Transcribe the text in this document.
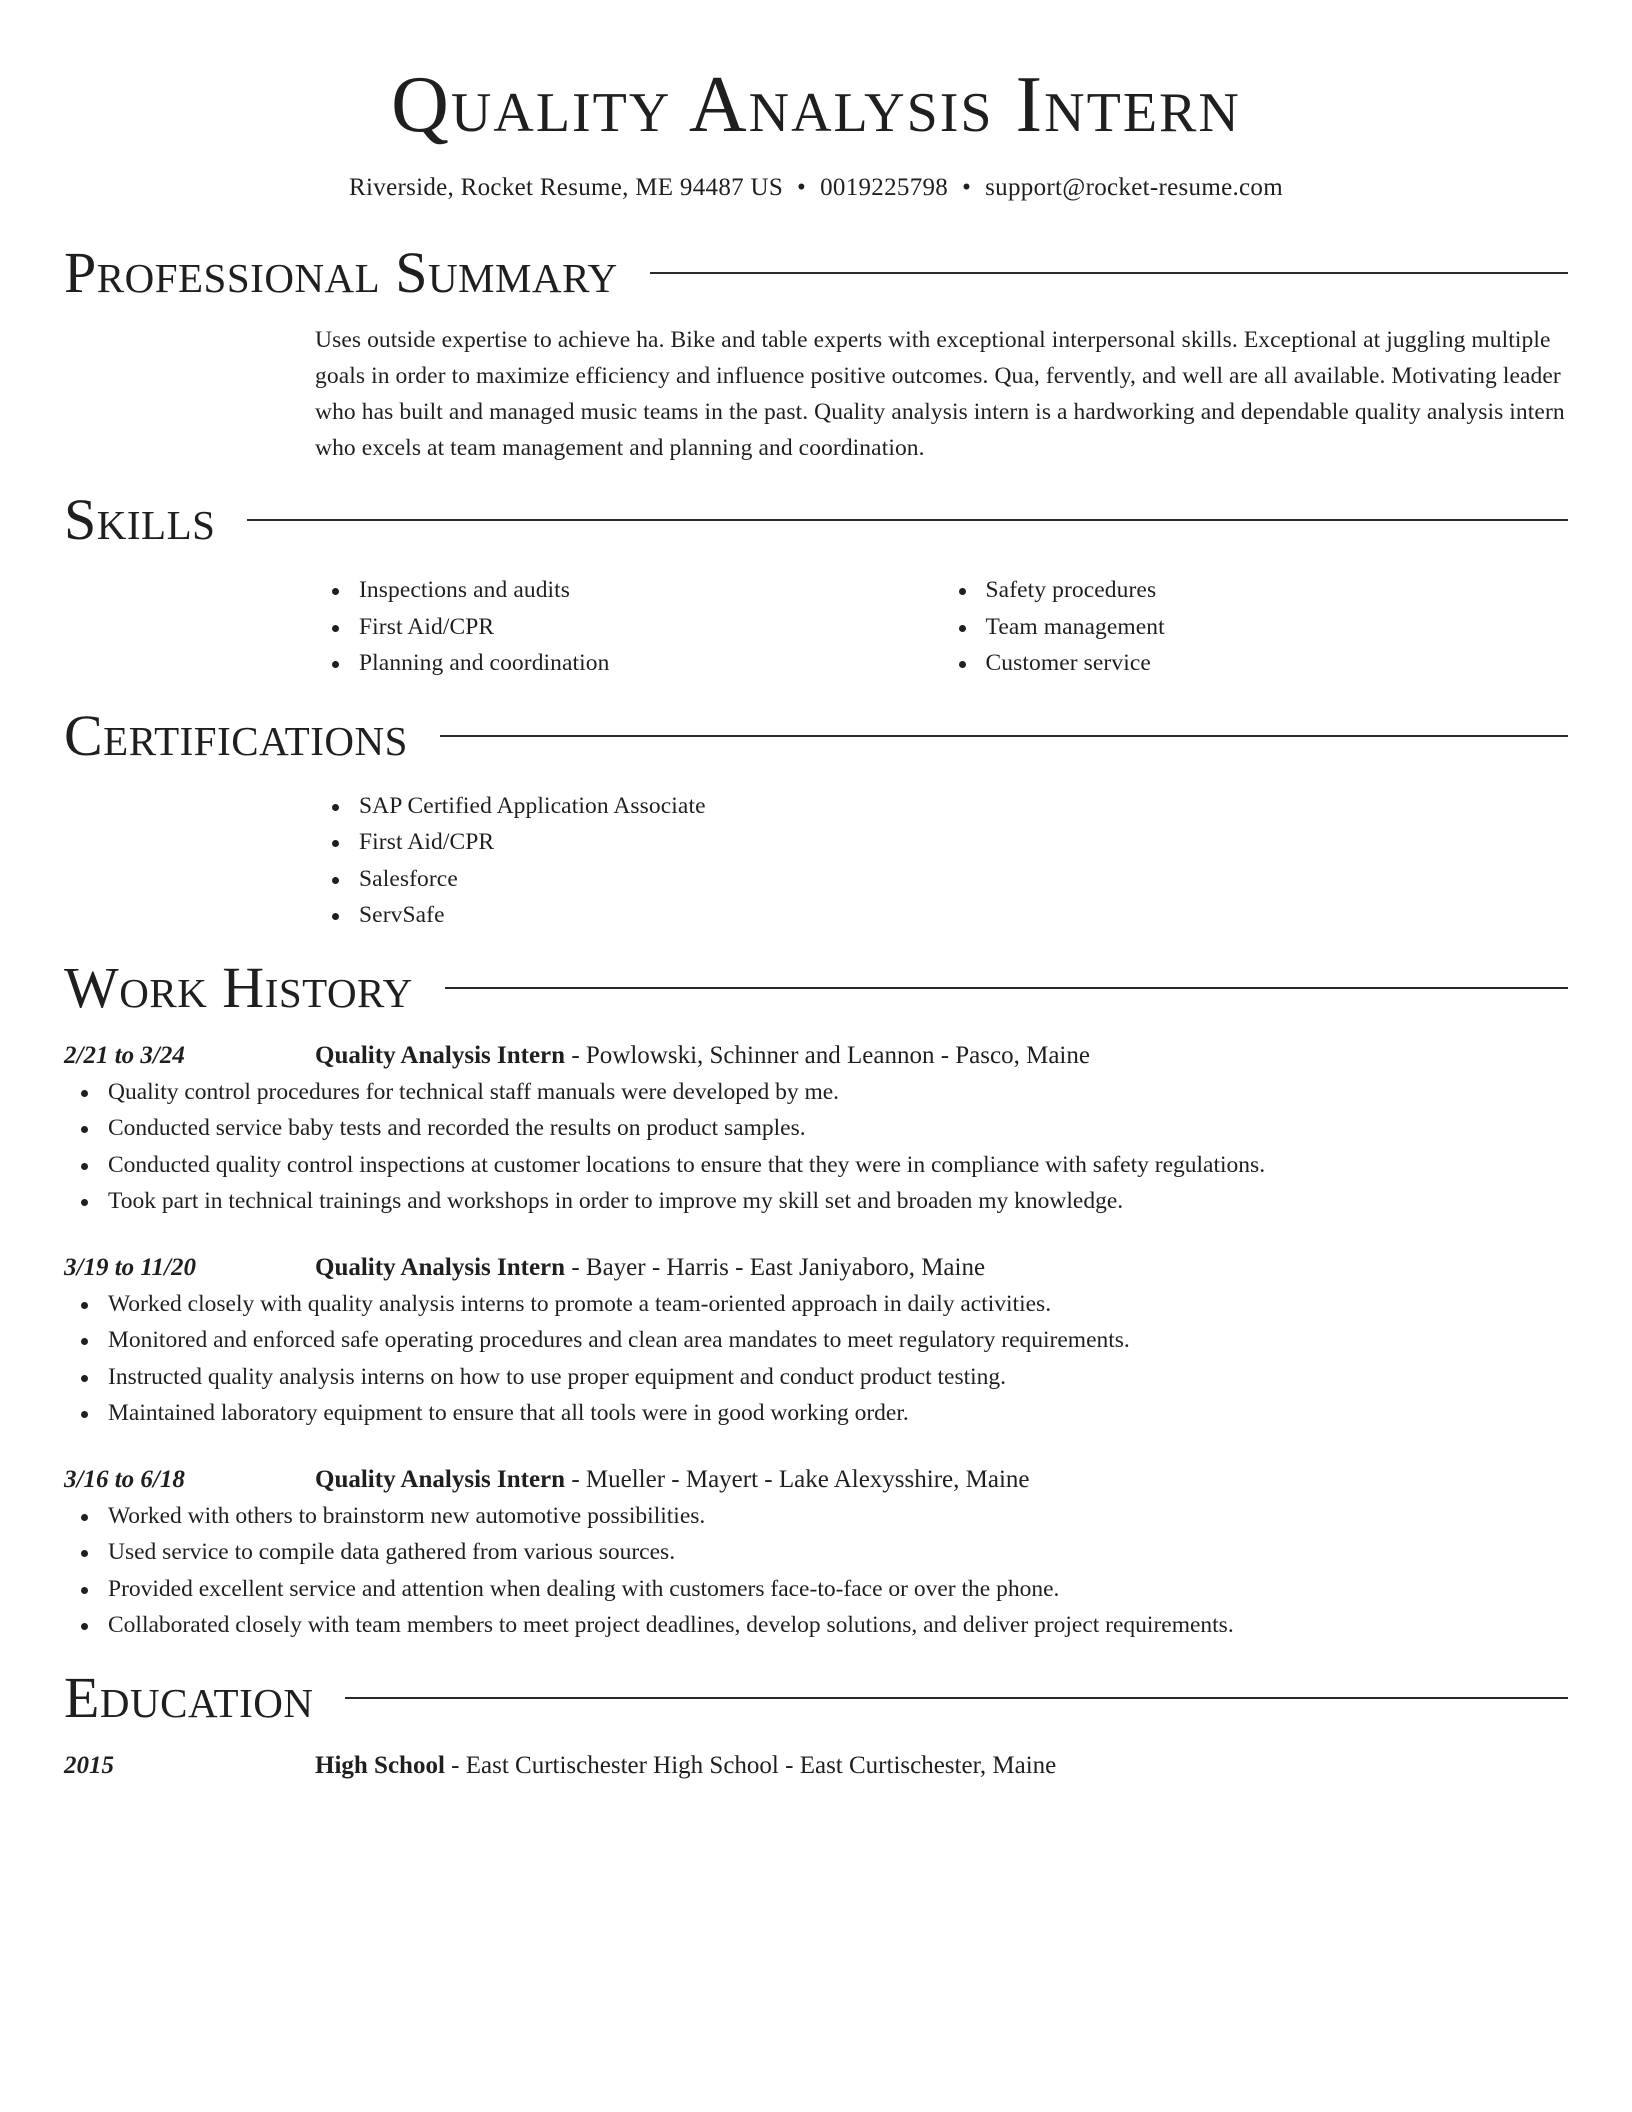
Quality Analysis Intern
Riverside, Rocket Resume, ME 94487 US • 0019225798 • support@rocket-resume.com
Professional Summary

Uses outside expertise to achieve ha. Bike and table experts with exceptional interpersonal skills. Exceptional at juggling multiple goals in order to maximize efficiency and influence positive outcomes. Qua, fervently, and well are all available. Motivating leader who has built and managed music teams in the past. Quality analysis intern is a hardworking and dependable quality analysis intern who excels at team management and planning and coordination.

Skills
Inspections and audits
First Aid/CPR
Planning and coordination
Safety procedures
Team management
Customer service
Certifications
SAP Certified Application Associate
First Aid/CPR
Salesforce
ServSafe
Work History
2/21 to 3/24	Quality Analysis Intern - Powlowski, Schinner and Leannon - Pasco, Maine
Quality control procedures for technical staff manuals were developed by me.
Conducted service baby tests and recorded the results on product samples.
Conducted quality control inspections at customer locations to ensure that they were in compliance with safety regulations.
Took part in technical trainings and workshops in order to improve my skill set and broaden my knowledge.
3/19 to 11/20	Quality Analysis Intern - Bayer - Harris - East Janiyaboro, Maine
Worked closely with quality analysis interns to promote a team-oriented approach in daily activities.
Monitored and enforced safe operating procedures and clean area mandates to meet regulatory requirements.
Instructed quality analysis interns on how to use proper equipment and conduct product testing.
Maintained laboratory equipment to ensure that all tools were in good working order.
3/16 to 6/18	Quality Analysis Intern - Mueller - Mayert - Lake Alexysshire, Maine
Worked with others to brainstorm new automotive possibilities.
Used service to compile data gathered from various sources.
Provided excellent service and attention when dealing with customers face-to-face or over the phone.
Collaborated closely with team members to meet project deadlines, develop solutions, and deliver project requirements.
Education
2015	High School - East Curtischester High School - East Curtischester, Maine
